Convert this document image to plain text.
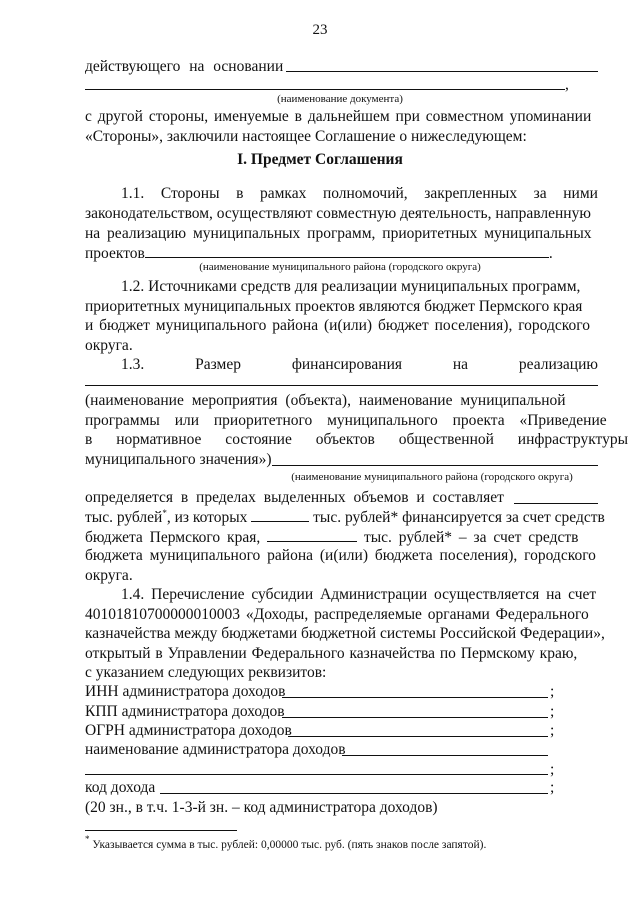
23
действующего на основании
,
(наименование документа)
с другой стороны, именуемые в дальнейшем при совместном упоминании
«Стороны», заключили настоящее Соглашение о нижеследующем:
I. Предмет Соглашения
1.1. Стороны в рамках полномочий, закрепленных за ними
законодательством, осуществляют совместную деятельность, направленную
на реализацию муниципальных программ, приоритетных муниципальных
проектов	.
(наименование муниципального района (городского округа)
1.2. Источниками средств для реализации муниципальных программ,
приоритетных муниципальных проектов являются бюджет Пермского края
и бюджет муниципального района (и(или) бюджет поселения), городского
округа.
1.3.	Размер	финансирования	на	реализацию
(наименование мероприятия (объекта), наименование муниципальной
программы или приоритетного муниципального проекта «Приведение
в нормативное состояние объектов общественной инфраструктуры
муниципального значения»)
(наименование муниципального района (городского округа)
определяется в пределах выделенных объемов и составляет
тыс. рублей*, из которых	тыс. рублей* финансируется за счет средств
бюджета Пермского края,	тыс. рублей* – за счет средств
бюджета муниципального района (и(или) бюджета поселения), городского
округа.
1.4. Перечисление субсидии Администрации осуществляется на счет
40101810700000010003 «Доходы, распределяемые органами Федерального
казначейства между бюджетами бюджетной системы Российской Федерации»,
открытый в Управлении Федерального казначейства по Пермскому краю,
с указанием следующих реквизитов:
ИНН администратора доходов	;
КПП администратора доходов	;
ОГРН администратора доходов	;
наименование администратора доходов
;
код дохода	;
(20 зн., в т.ч. 1-3-й зн. – код администратора доходов)
* Указывается сумма в тыс. рублей: 0,00000 тыс. руб. (пять знаков после запятой).
